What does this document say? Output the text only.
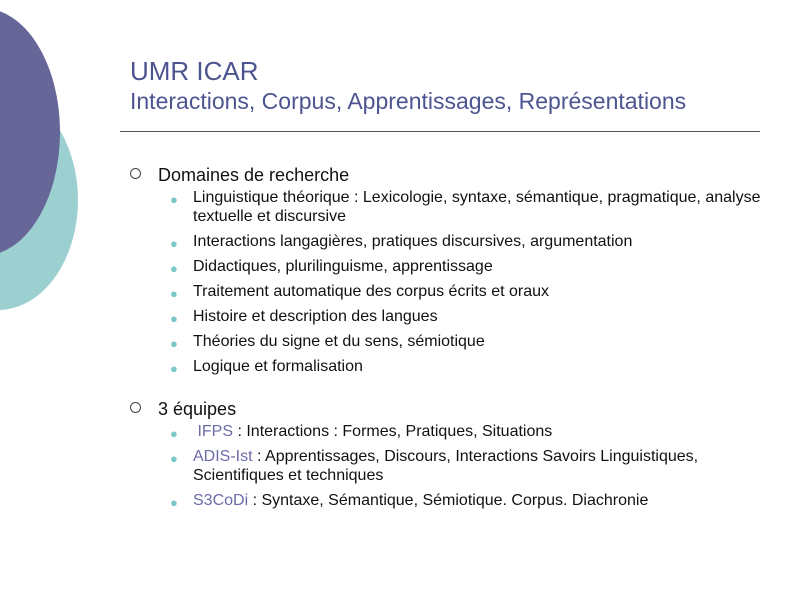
UMR ICAR
Interactions, Corpus, Apprentissages, Représentations
Domaines de recherche
● Linguistique théorique : Lexicologie, syntaxe, sémantique, pragmatique, analyse textuelle et discursive
● Interactions langagières, pratiques discursives, argumentation
● Didactiques, plurilinguisme, apprentissage
● Traitement automatique des corpus écrits et oraux
● Histoire et description des langues
● Théories du signe et du sens, sémiotique
● Logique et formalisation
3 équipes
● IFPS : Interactions : Formes, Pratiques, Situations
● ADIS-Ist : Apprentissages, Discours, Interactions Savoirs Linguistiques, Scientifiques et techniques
● S3CoDi : Syntaxe, Sémantique, Sémiotique. Corpus. Diachronie
